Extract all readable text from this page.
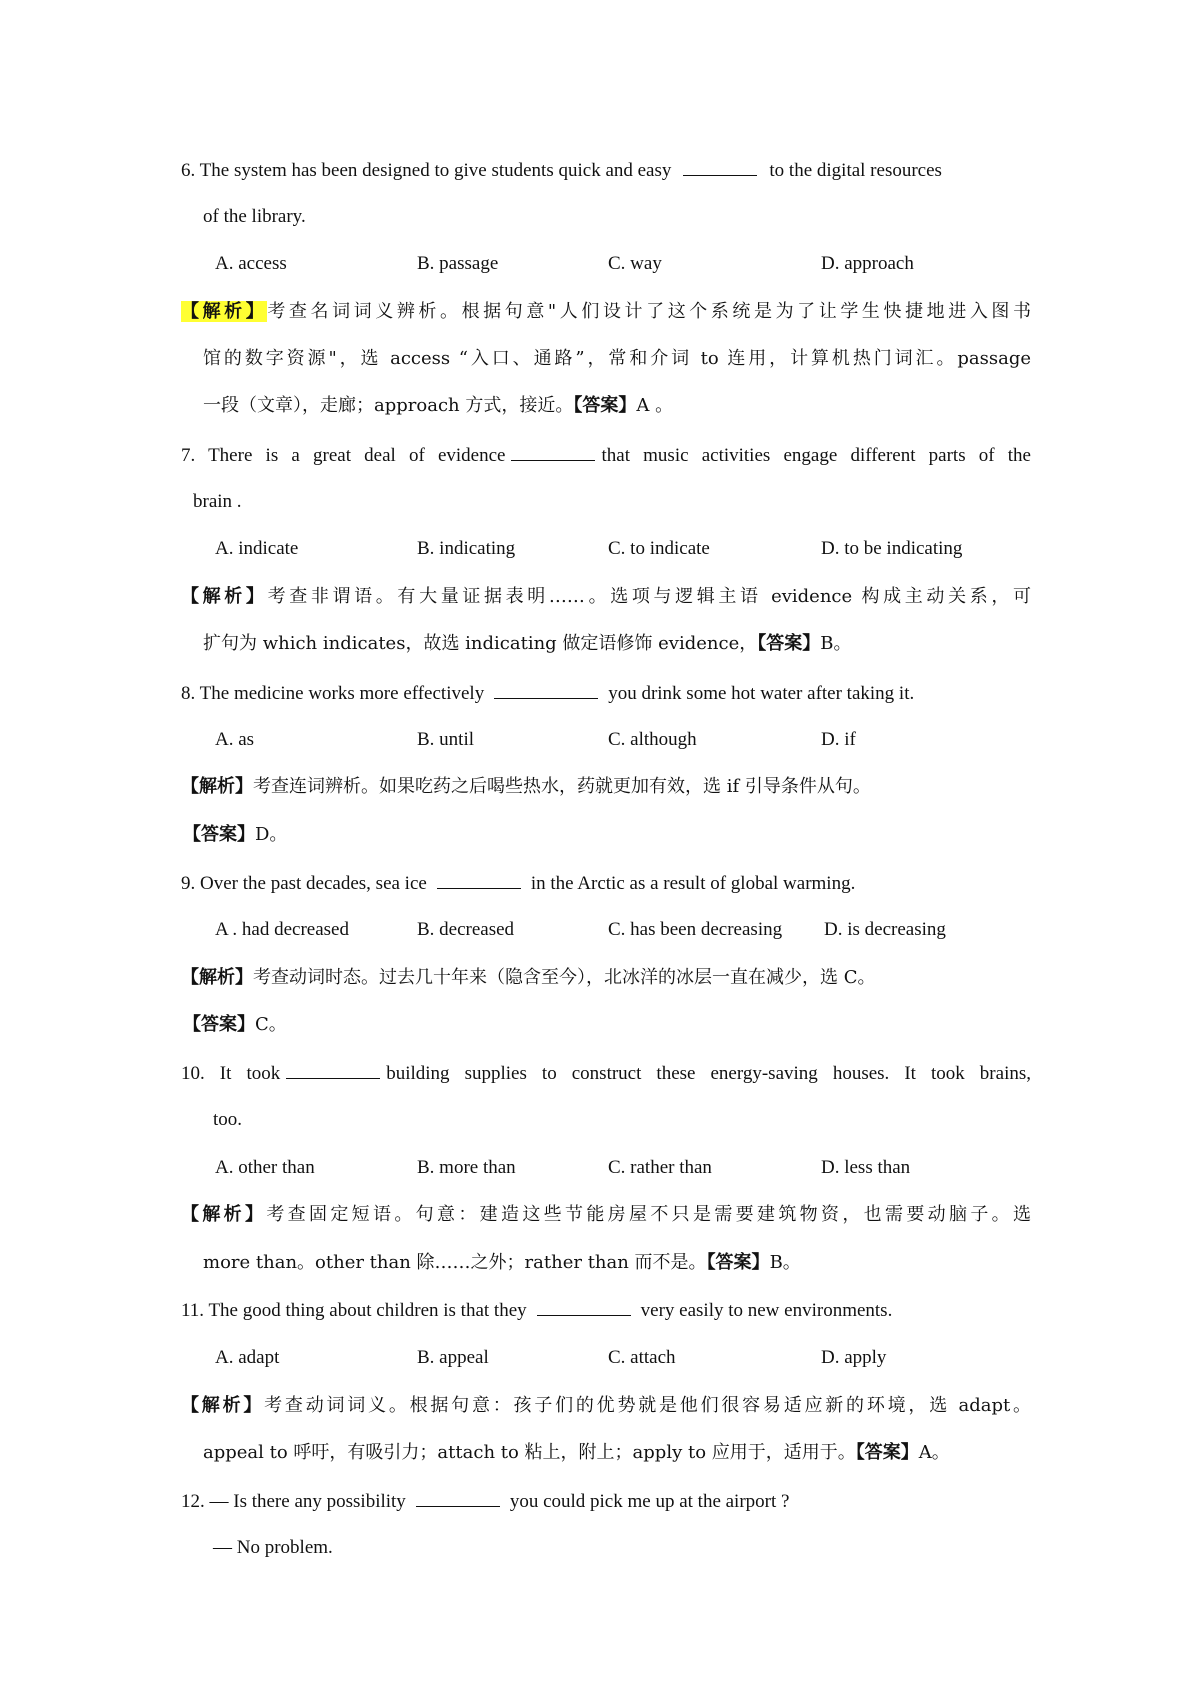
6. The system has been designed to give students quick and easy	to the digital resources
of the library.
A. access	B. passage	C. way	D. approach
【解析】考查名词词义辨析。根据句意"人们设计了这个系统是为了让学生快捷地进入图书
馆的数字资源"，选 access “入口、通路”，常和介词 to 连用，计算机热门词汇。passage
一段（文章），走廊；approach 方式，接近。【答案】A 。
7. There is a great deal of evidence	that music activities engage different parts of the
brain .
A. indicate	B. indicating	C. to indicate	D. to be indicating
【解析】考查非谓语。有大量证据表明……。选项与逻辑主语 evidence 构成主动关系，可
扩句为 which indicates，故选 indicating 做定语修饰 evidence，【答案】B。
8. The medicine works more effectively	you drink some hot water after taking it.
A. as	B. until	C. although	D. if
【解析】考查连词辨析。如果吃药之后喝些热水，药就更加有效，选 if 引导条件从句。
【答案】D。
9. Over the past decades, sea ice	in the Arctic as a result of global warming.
A . had decreased	B. decreased	C. has been decreasing D. is decreasing
【解析】考查动词时态。过去几十年来（隐含至今），北冰洋的冰层一直在减少，选 C。
【答案】C。
10. It took	building supplies to construct these energy-saving houses. It took brains,
too.
A. other than	B. more than	C. rather than	D. less than
【解析】考查固定短语。句意：建造这些节能房屋不只是需要建筑物资，也需要动脑子。选
more than。other than 除……之外；rather than 而不是。【答案】B。
11. The good thing about children is that they	very easily to new environments.
A. adapt	B. appeal	C. attach	D. apply
【解析】考查动词词义。根据句意：孩子们的优势就是他们很容易适应新的环境，选 adapt。
appeal to 呼吁，有吸引力；attach to 粘上，附上；apply to 应用于，适用于。【答案】A。
12. — Is there any possibility	you could pick me up at the airport ?
— No problem.
